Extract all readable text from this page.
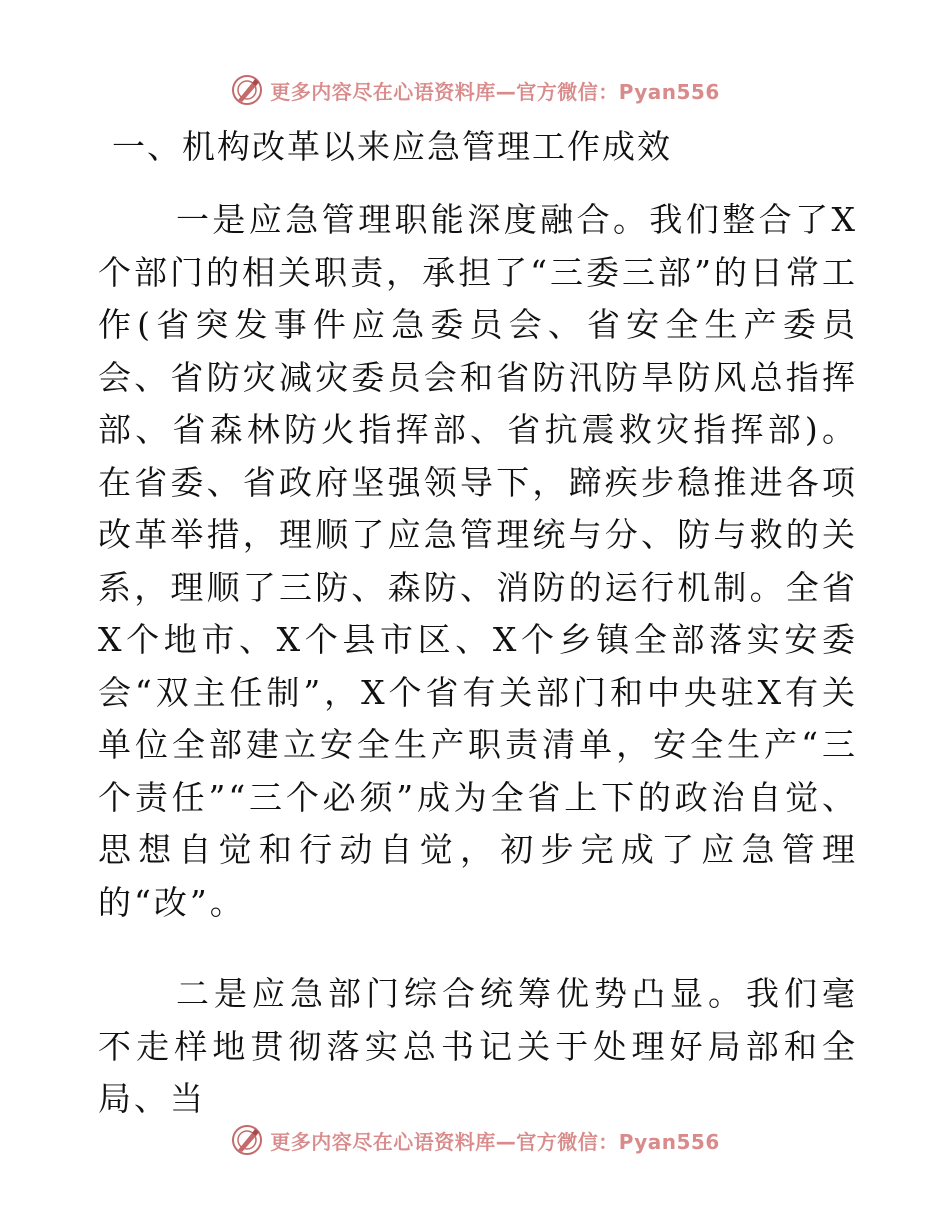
更多内容尽在心语资料库—官方微信：Pyan556
一、机构改革以来应急管理工作成效

一是应急管理职能深度融合。我们整合了X个部门的相关职责，承担了“三委三部”的日常工作(省突发事件应急委员会、省安全生产委员会、省防灾减灾委员会和省防汛防旱防风总指挥部、省森林防火指挥部、省抗震救灾指挥部)。在省委、省政府坚强领导下，蹄疾步稳推进各项改革举措，理顺了应急管理统与分、防与救的关系，理顺了三防、森防、消防的运行机制。全省X个地市、X个县市区、X个乡镇全部落实安委会“双主任制”，X个省有关部门和中央驻X有关单位全部建立安全生产职责清单，安全生产“三个责任”“三个必须”成为全省上下的政治自觉、思想自觉和行动自觉，初步完成了应急管理的“改”。

二是应急部门综合统筹优势凸显。我们毫不走样地贯彻落实总书记关于处理好局部和全局、当

更多内容尽在心语资料库—官方微信：Pyan556
